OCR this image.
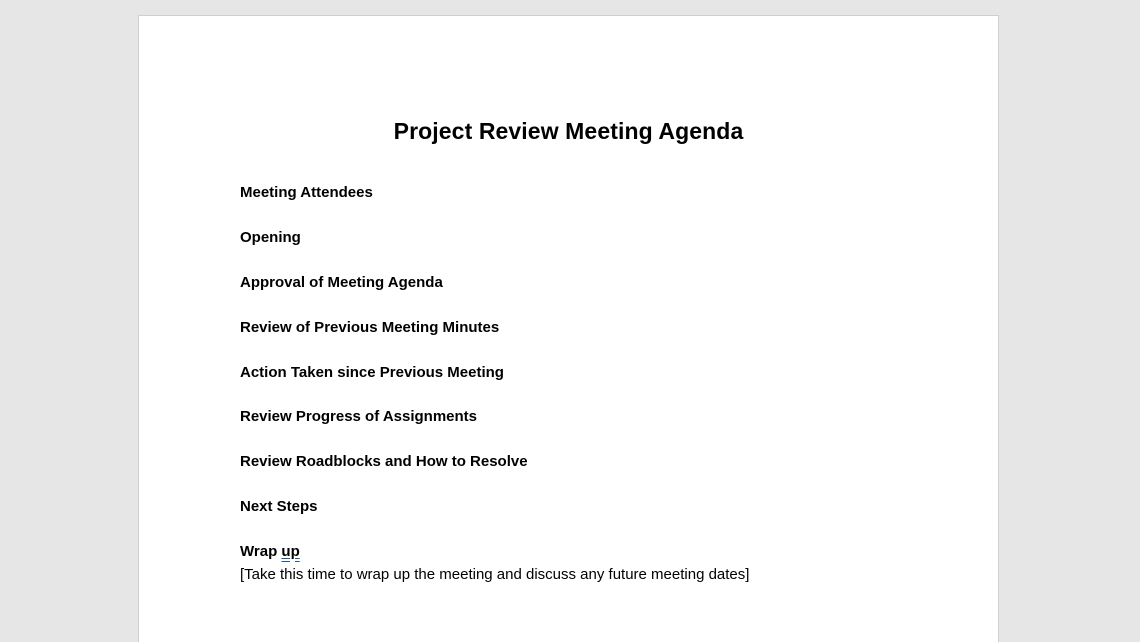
Project Review Meeting Agenda
Meeting Attendees
Opening
Approval of Meeting Agenda
Review of Previous Meeting Minutes
Action Taken since Previous Meeting
Review Progress of Assignments
Review Roadblocks and How to Resolve
Next Steps
Wrap up
[Take this time to wrap up the meeting and discuss any future meeting dates]
